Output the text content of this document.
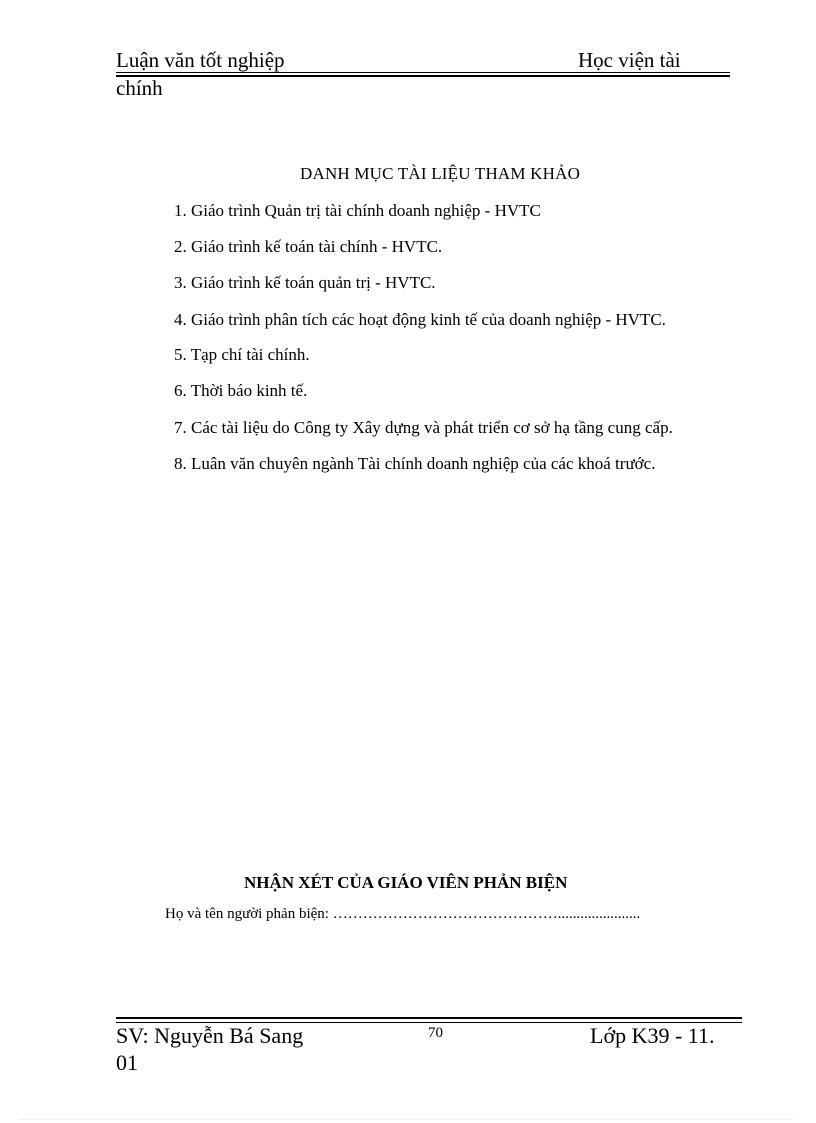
Luận văn tốt nghiệp	Học viện tài
chính
DANH MỤC TÀI LIỆU THAM KHẢO
1. Giáo trình Quản trị tài chính doanh nghiệp - HVTC
2. Giáo trình kế toán tài chính - HVTC.
3. Giáo trình kế toán quản trị - HVTC.
4. Giáo trình phân tích các hoạt động kinh tế của doanh nghiệp - HVTC.
5. Tạp chí tài chính.
6. Thời báo kinh tế.
7. Các tài liệu do Công ty Xây dựng và phát triển cơ sở hạ tầng cung cấp.
8. Luân văn chuyên ngành Tài chính doanh nghiệp của các khoá trước.
NHẬN XÉT CỦA GIÁO VIÊN PHẢN BIỆN
Họ và tên người phản biện: ………………………………………......................
SV: Nguyễn Bá Sang	70	Lớp K39 - 11.
01
